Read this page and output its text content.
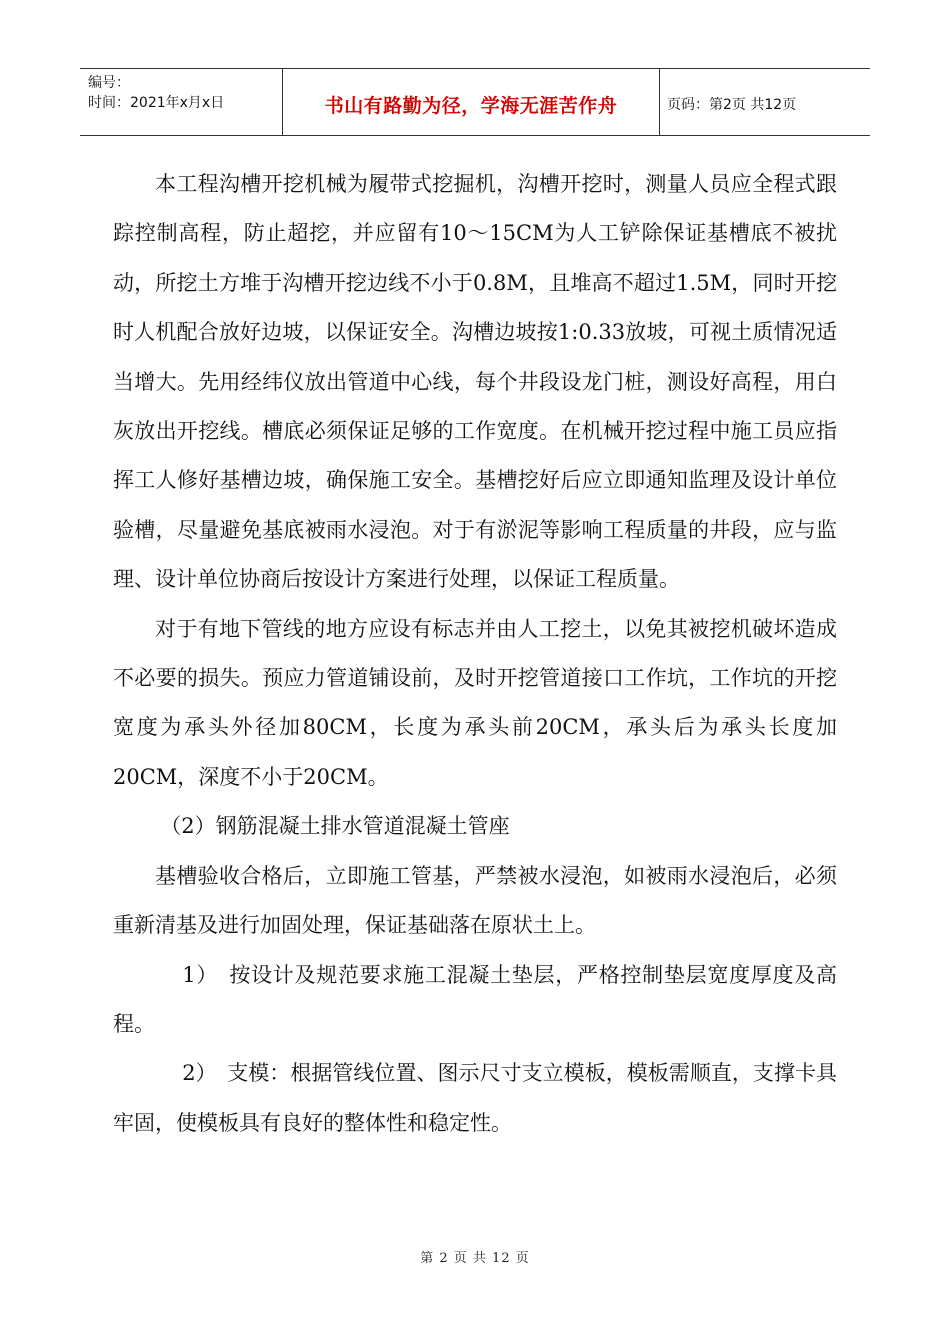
编号：
时间：2021年x月x日	书山有路勤为径，学海无涯苦作舟	页码：第2页 共12页

本工程沟槽开挖机械为履带式挖掘机，沟槽开挖时，测量人员应全程式跟踪控制高程，防止超挖，并应留有10～15CM为人工铲除保证基槽底不被扰动，所挖土方堆于沟槽开挖边线不小于0.8M，且堆高不超过1.5M，同时开挖时人机配合放好边坡，以保证安全。沟槽边坡按1:0.33放坡，可视土质情况适当增大。先用经纬仪放出管道中心线，每个井段设龙门桩，测设好高程，用白灰放出开挖线。槽底必须保证足够的工作宽度。在机械开挖过程中施工员应指挥工人修好基槽边坡，确保施工安全。基槽挖好后应立即通知监理及设计单位验槽，尽量避免基底被雨水浸泡。对于有淤泥等影响工程质量的井段，应与监理、设计单位协商后按设计方案进行处理，以保证工程质量。

对于有地下管线的地方应设有标志并由人工挖土，以免其被挖机破坏造成不必要的损失。预应力管道铺设前，及时开挖管道接口工作坑，工作坑的开挖宽度为承头外径加80CM，长度为承头前20CM，承头后为承头长度加20CM，深度不小于20CM。

（2）钢筋混凝土排水管道混凝土管座

基槽验收合格后，立即施工管基，严禁被水浸泡，如被雨水浸泡后，必须重新清基及进行加固处理，保证基础落在原状土上。

1）　按设计及规范要求施工混凝土垫层，严格控制垫层宽度厚度及高程。

2）　支模：根据管线位置、图示尺寸支立模板，模板需顺直，支撑卡具牢固，使模板具有良好的整体性和稳定性。

第 2 页 共 12 页
